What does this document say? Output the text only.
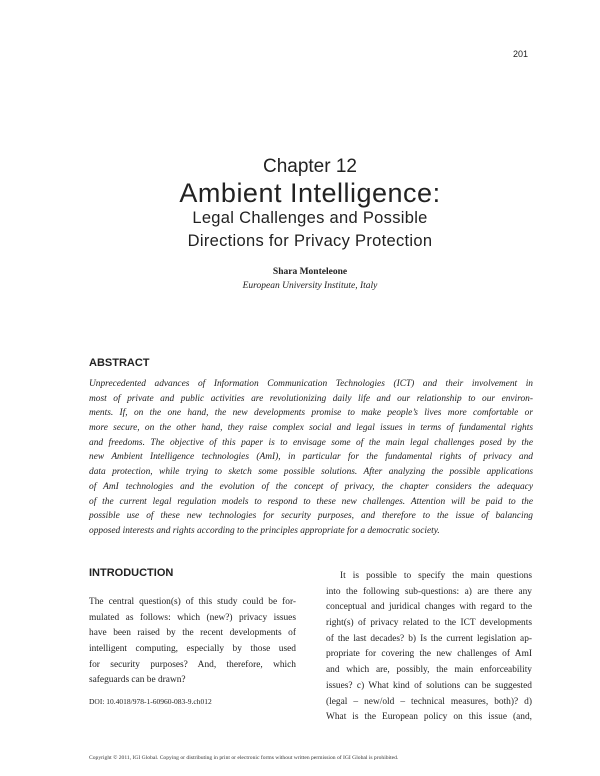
201
Chapter 12
Ambient Intelligence:
Legal Challenges and Possible
Directions for Privacy Protection
Shara Monteleone
European University Institute, Italy
ABSTRACT
Unprecedented advances of Information Communication Technologies (ICT) and their involvement in
most of private and public activities are revolutionizing daily life and our relationship to our environ-
ments. If, on the one hand, the new developments promise to make people’s lives more comfortable or
more secure, on the other hand, they raise complex social and legal issues in terms of fundamental rights
and freedoms. The objective of this paper is to envisage some of the main legal challenges posed by the
new Ambient Intelligence technologies (AmI), in particular for the fundamental rights of privacy and
data protection, while trying to sketch some possible solutions. After analyzing the possible applications
of AmI technologies and the evolution of the concept of privacy, the chapter considers the adequacy
of the current legal regulation models to respond to these new challenges. Attention will be paid to the
possible use of these new technologies for security purposes, and therefore to the issue of balancing
opposed interests and rights according to the principles appropriate for a democratic society.
INTRODUCTION
The central question(s) of this study could be for-
mulated as follows: which (new?) privacy issues
have been raised by the recent developments of
intelligent computing, especially by those used
for security purposes? And, therefore, which
safeguards can be drawn?
DOI: 10.4018/978-1-60960-083-9.ch012
It is possible to specify the main questions
into the following sub-questions: a) are there any
conceptual and juridical changes with regard to the
right(s) of privacy related to the ICT developments
of the last decades? b) Is the current legislation ap-
propriate for covering the new challenges of AmI
and which are, possibly, the main enforceability
issues? c) What kind of solutions can be suggested
(legal – new/old – technical measures, both)? d)
What is the European policy on this issue (and,
Copyright © 2011, IGI Global. Copying or distributing in print or electronic forms without written permission of IGI Global is prohibited.
